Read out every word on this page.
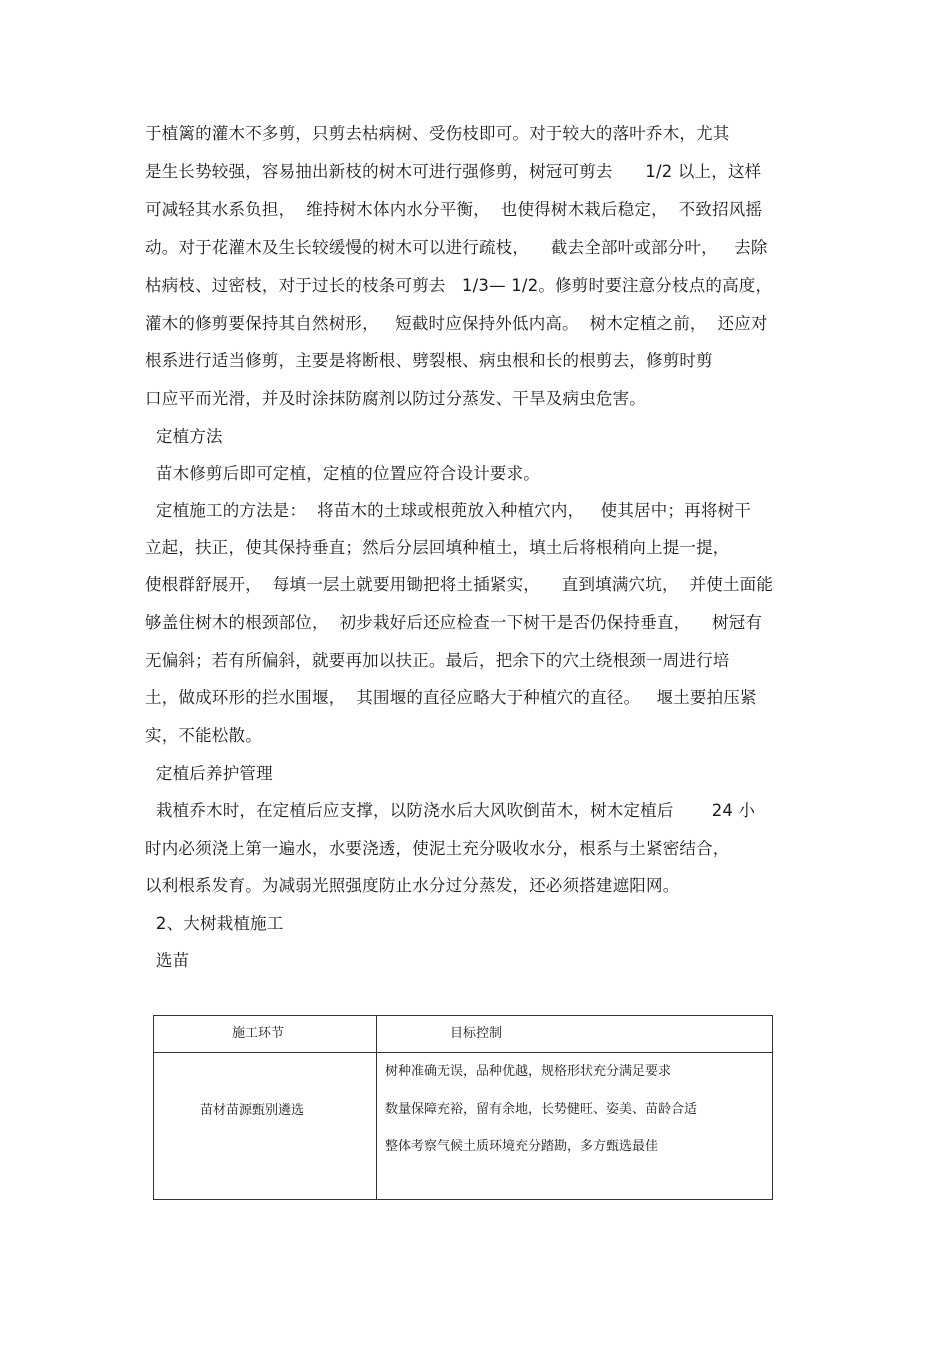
于植篱的灌木不多剪，只剪去枯病树、受伤枝即可。对于较大的落叶乔木，尤其
是生长势较强，容易抽出新枝的树木可进行强修剪，树冠可剪去      1/2 以上，这样
可减轻其水系负担，  维持树木体内水分平衡，  也使得树木栽后稳定，  不致招风摇
动。对于花灌木及生长较缓慢的树木可以进行疏枝，    截去全部叶或部分叶，   去除
枯病枝、过密枝，对于过长的枝条可剪去   1/3— 1/2。修剪时要注意分枝点的高度，
灌木的修剪要保持其自然树形，   短截时应保持外低内高。  树木定植之前，  还应对
根系进行适当修剪，主要是将断根、劈裂根、病虫根和长的根剪去，修剪时剪
口应平而光滑，并及时涂抹防腐剂以防过分蒸发、干旱及病虫危害。
定植方法
苗木修剪后即可定植，定植的位置应符合设计要求。
定植施工的方法是：  将苗木的土球或根蔸放入种植穴内，   使其居中；再将树干
立起，扶正，使其保持垂直；然后分层回填种植土，填土后将根稍向上提一提，
使根群舒展开，  每填一层土就要用锄把将土插紧实，    直到填满穴坑，  并使土面能
够盖住树木的根颈部位，  初步栽好后还应检查一下树干是否仍保持垂直，    树冠有
无偏斜；若有所偏斜，就要再加以扶正。最后，把余下的穴土绕根颈一周进行培
土，做成环形的拦水围堰，  其围堰的直径应略大于种植穴的直径。   堰土要拍压紧
实，不能松散。
定植后养护管理
栽植乔木时，在定植后应支撑，以防浇水后大风吹倒苗木，树木定植后       24 小
时内必须浇上第一遍水，水要浇透，使泥土充分吸收水分，根系与土紧密结合，
以利根系发育。为减弱光照强度防止水分过分蒸发，还必须搭建遮阳网。
2、大树栽植施工
选苗
施工环节	目标控制
苗材苗源甄别遴选
树种准确无误，品种优越，规格形状充分满足要求
数量保障充裕，留有余地，长势健旺、姿美、苗龄合适
整体考察气候土质环境充分踏勘，多方甄选最佳
